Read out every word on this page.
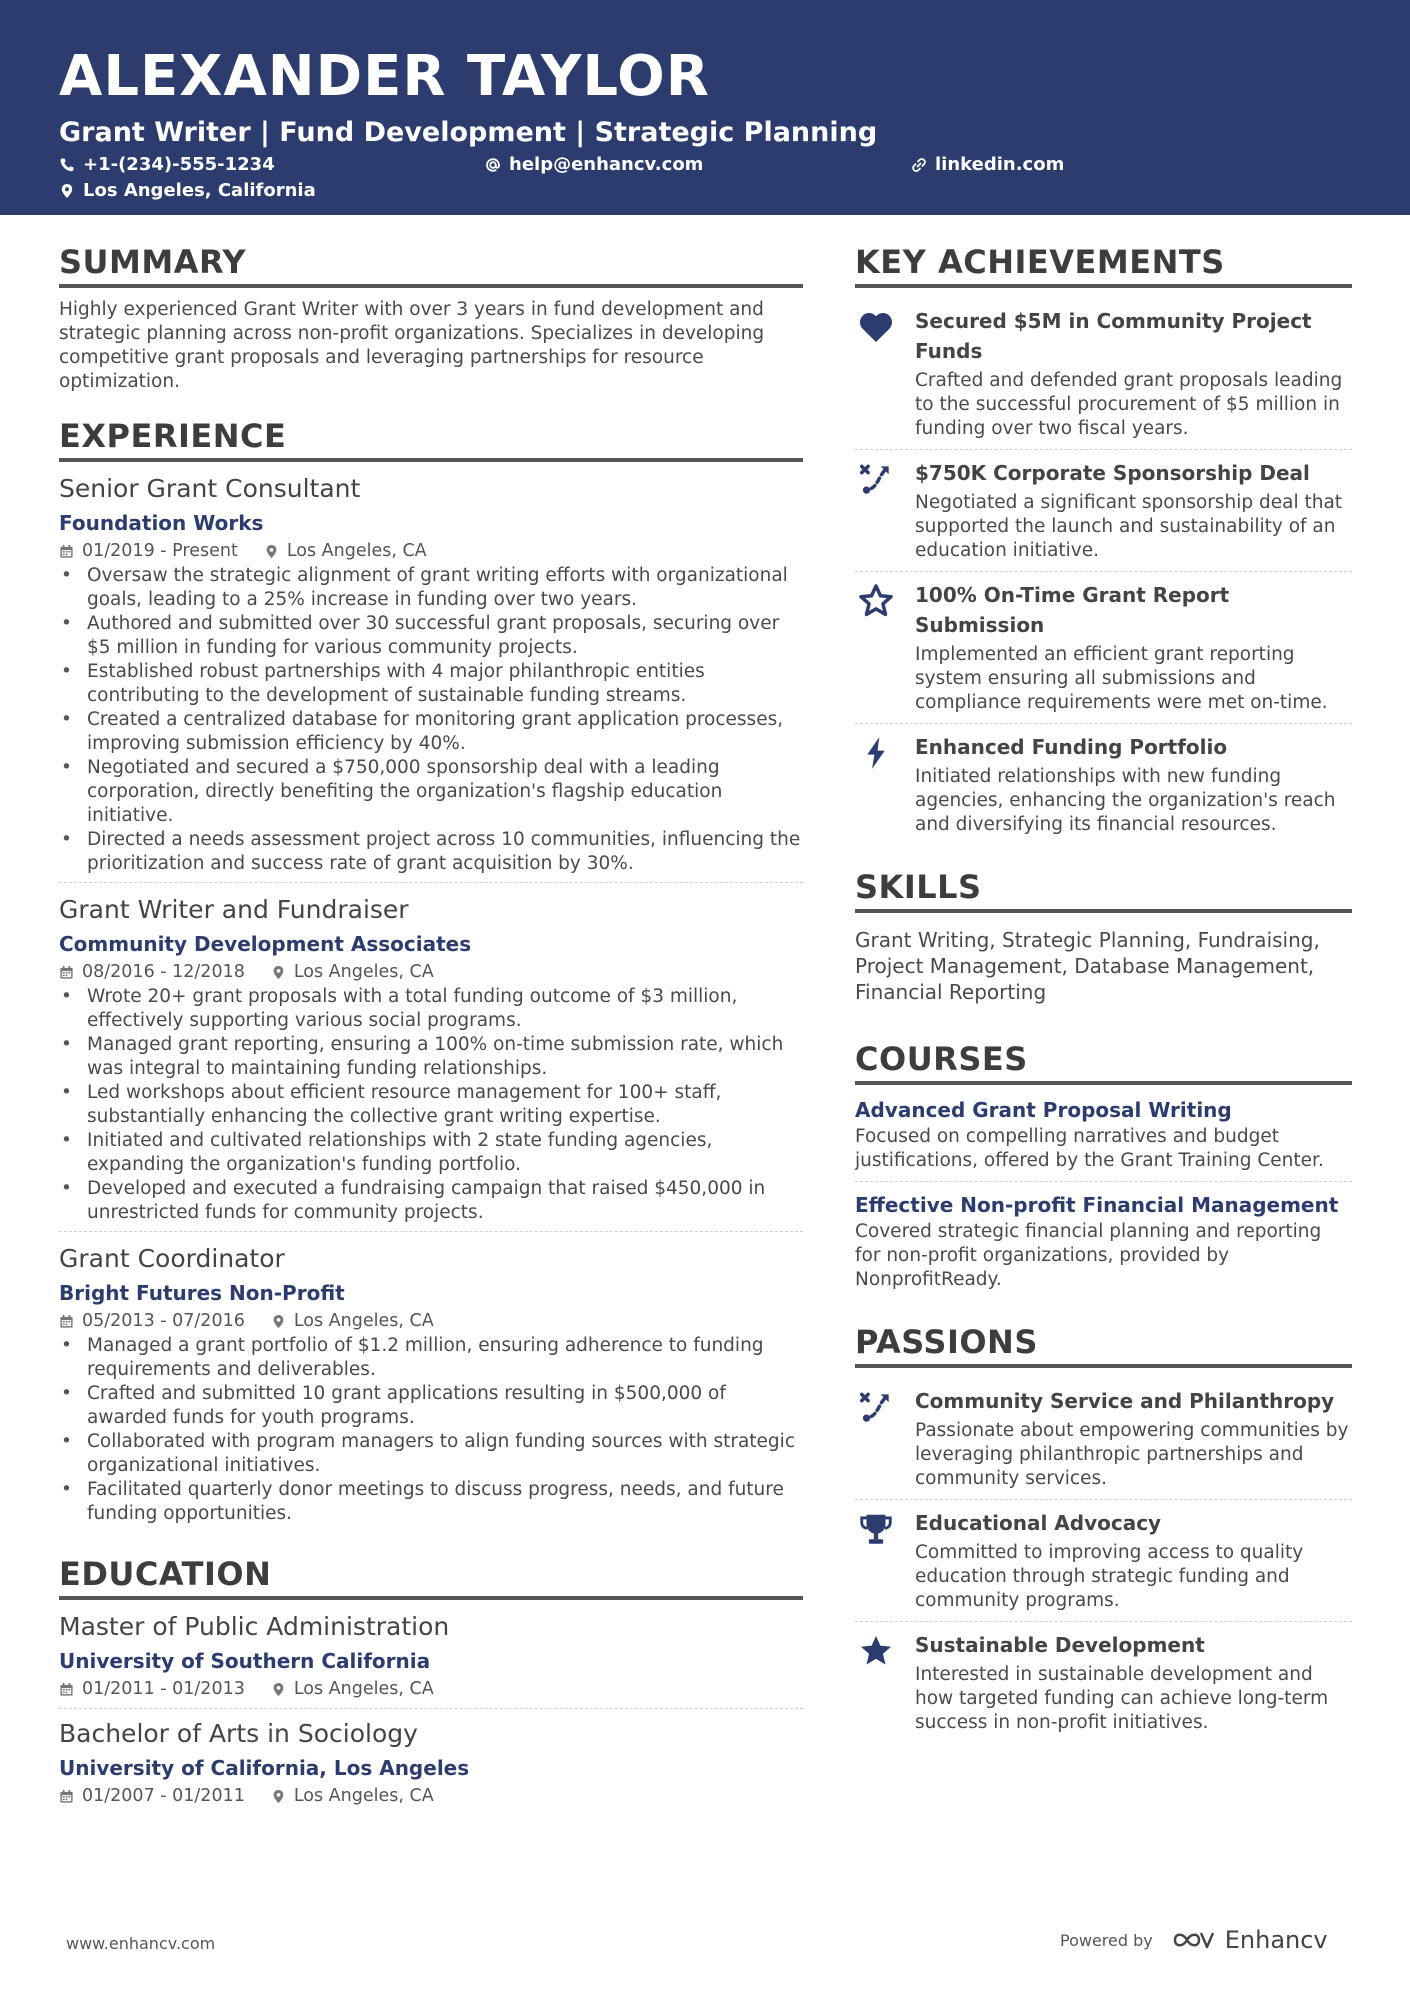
ALEXANDER TAYLOR
Grant Writer | Fund Development | Strategic Planning
+1-(234)-555-1234	help@enhancv.com	linkedin.com
Los Angeles, California
SUMMARY
Highly experienced Grant Writer with over 3 years in fund development and strategic planning across non-profit organizations. Specializes in developing competitive grant proposals and leveraging partnerships for resource optimization.
EXPERIENCE
Senior Grant Consultant
Foundation Works
01/2019 - Present	Los Angeles, CA
• Oversaw the strategic alignment of grant writing efforts with organizational goals, leading to a 25% increase in funding over two years.
• Authored and submitted over 30 successful grant proposals, securing over $5 million in funding for various community projects.
• Established robust partnerships with 4 major philanthropic entities contributing to the development of sustainable funding streams.
• Created a centralized database for monitoring grant application processes, improving submission efficiency by 40%.
• Negotiated and secured a $750,000 sponsorship deal with a leading corporation, directly benefiting the organization's flagship education initiative.
• Directed a needs assessment project across 10 communities, influencing the prioritization and success rate of grant acquisition by 30%.
Grant Writer and Fundraiser
Community Development Associates
08/2016 - 12/2018	Los Angeles, CA
• Wrote 20+ grant proposals with a total funding outcome of $3 million, effectively supporting various social programs.
• Managed grant reporting, ensuring a 100% on-time submission rate, which was integral to maintaining funding relationships.
• Led workshops about efficient resource management for 100+ staff, substantially enhancing the collective grant writing expertise.
• Initiated and cultivated relationships with 2 state funding agencies, expanding the organization's funding portfolio.
• Developed and executed a fundraising campaign that raised $450,000 in unrestricted funds for community projects.
Grant Coordinator
Bright Futures Non-Profit
05/2013 - 07/2016	Los Angeles, CA
• Managed a grant portfolio of $1.2 million, ensuring adherence to funding requirements and deliverables.
• Crafted and submitted 10 grant applications resulting in $500,000 of awarded funds for youth programs.
• Collaborated with program managers to align funding sources with strategic organizational initiatives.
• Facilitated quarterly donor meetings to discuss progress, needs, and future funding opportunities.
EDUCATION
Master of Public Administration
University of Southern California
01/2011 - 01/2013	Los Angeles, CA
Bachelor of Arts in Sociology
University of California, Los Angeles
01/2007 - 01/2011	Los Angeles, CA
KEY ACHIEVEMENTS
Secured $5M in Community Project Funds
Crafted and defended grant proposals leading to the successful procurement of $5 million in funding over two fiscal years.
$750K Corporate Sponsorship Deal
Negotiated a significant sponsorship deal that supported the launch and sustainability of an education initiative.
100% On-Time Grant Report Submission
Implemented an efficient grant reporting system ensuring all submissions and compliance requirements were met on-time.
Enhanced Funding Portfolio
Initiated relationships with new funding agencies, enhancing the organization's reach and diversifying its financial resources.
SKILLS
Grant Writing, Strategic Planning, Fundraising, Project Management, Database Management, Financial Reporting
COURSES
Advanced Grant Proposal Writing
Focused on compelling narratives and budget justifications, offered by the Grant Training Center.
Effective Non-profit Financial Management
Covered strategic financial planning and reporting for non-profit organizations, provided by NonprofitReady.
PASSIONS
Community Service and Philanthropy
Passionate about empowering communities by leveraging philanthropic partnerships and community services.
Educational Advocacy
Committed to improving access to quality education through strategic funding and community programs.
Sustainable Development
Interested in sustainable development and how targeted funding can achieve long-term success in non-profit initiatives.
www.enhancv.com	Powered by	Enhancv
